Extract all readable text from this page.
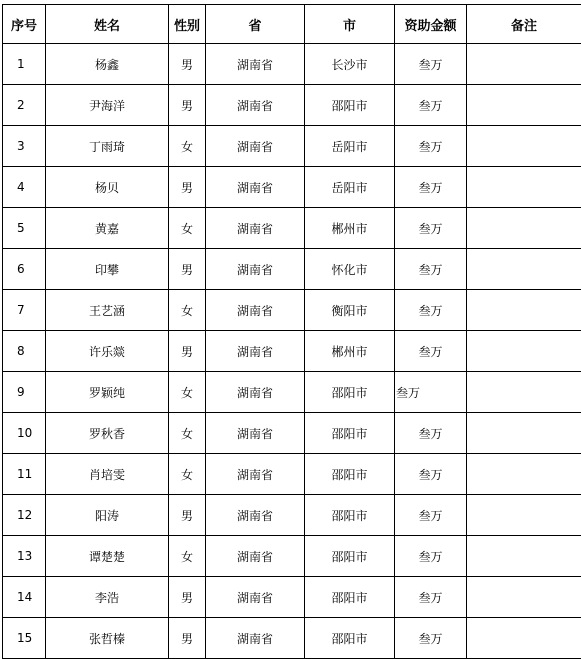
序号	姓名	性别	省	市	资助金额	备注
1	杨鑫	男	湖南省	长沙市	叁万	
2	尹海洋	男	湖南省	邵阳市	叁万	
3	丁雨琦	女	湖南省	岳阳市	叁万	
4	杨贝	男	湖南省	岳阳市	叁万	
5	黄嘉	女	湖南省	郴州市	叁万	
6	印攀	男	湖南省	怀化市	叁万	
7	王艺涵	女	湖南省	衡阳市	叁万	
8	许乐燚	男	湖南省	郴州市	叁万	
9	罗颖纯	女	湖南省	邵阳市	叁万	
10	罗秋香	女	湖南省	邵阳市	叁万	
11	肖培雯	女	湖南省	邵阳市	叁万	
12	阳涛	男	湖南省	邵阳市	叁万	
13	谭楚楚	女	湖南省	邵阳市	叁万	
14	李浩	男	湖南省	邵阳市	叁万	
15	张哲榛	男	湖南省	邵阳市	叁万	
